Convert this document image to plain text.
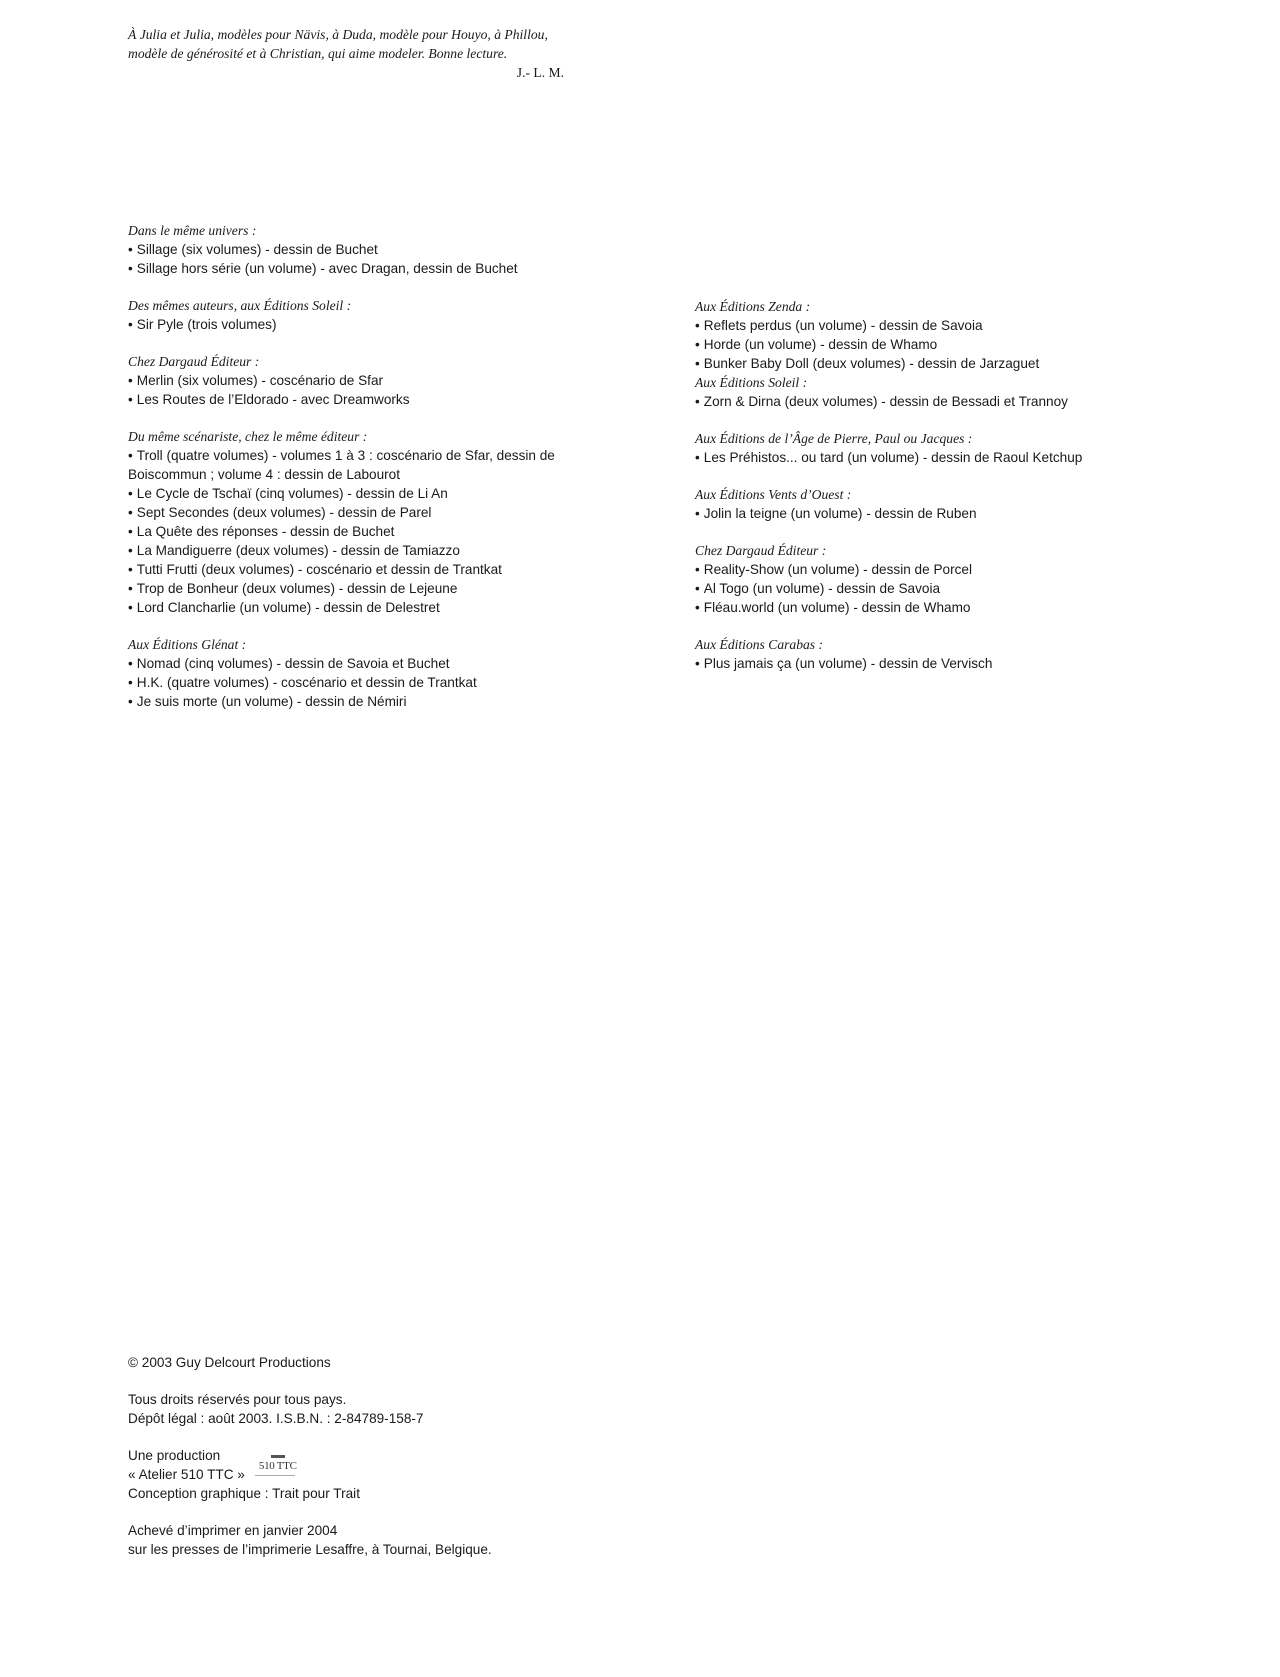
À Julia et Julia, modèles pour Nävis, à Duda, modèle pour Houyo, à Phillou,
modèle de générosité et à Christian, qui aime modeler. Bonne lecture.
J.- L. M.
Dans le même univers :
• Sillage (six volumes) - dessin de Buchet
• Sillage hors série (un volume) - avec Dragan, dessin de Buchet
Des mêmes auteurs, aux Éditions Soleil :
• Sir Pyle (trois volumes)
Chez Dargaud Éditeur :
• Merlin (six volumes) - coscénario de Sfar
• Les Routes de l’Eldorado - avec Dreamworks
Du même scénariste, chez le même éditeur :
• Troll (quatre volumes) - volumes 1 à 3 : coscénario de Sfar, dessin de
Boiscommun ; volume 4 : dessin de Labourot
• Le Cycle de Tschaï (cinq volumes) - dessin de Li An
• Sept Secondes (deux volumes) - dessin de Parel
• La Quête des réponses - dessin de Buchet
• La Mandiguerre (deux volumes) - dessin de Tamiazzo
• Tutti Frutti (deux volumes) - coscénario et dessin de Trantkat
• Trop de Bonheur (deux volumes) - dessin de Lejeune
• Lord Clancharlie (un volume) - dessin de Delestret
Aux Éditions Glénat :
• Nomad (cinq volumes) - dessin de Savoia et Buchet
• H.K. (quatre volumes) - coscénario et dessin de Trantkat
• Je suis morte (un volume) - dessin de Némiri
Aux Éditions Zenda :
• Reflets perdus (un volume) - dessin de Savoia
• Horde (un volume) - dessin de Whamo
• Bunker Baby Doll (deux volumes) - dessin de Jarzaguet
Aux Éditions Soleil :
• Zorn & Dirna (deux volumes) - dessin de Bessadi et Trannoy
Aux Éditions de l’Âge de Pierre, Paul ou Jacques :
• Les Préhistos... ou tard (un volume) - dessin de Raoul Ketchup
Aux Éditions Vents d’Ouest :
• Jolin la teigne (un volume) - dessin de Ruben
Chez Dargaud Éditeur :
• Reality-Show (un volume) - dessin de Porcel
• Al Togo (un volume) - dessin de Savoia
• Fléau.world (un volume) - dessin de Whamo
Aux Éditions Carabas :
• Plus jamais ça (un volume) - dessin de Vervisch
© 2003 Guy Delcourt Productions
Tous droits réservés pour tous pays.
Dépôt légal : août 2003. I.S.B.N. : 2-84789-158-7
Une production
« Atelier 510 TTC »
510 TTC
Conception graphique : Trait pour Trait
Achevé d’imprimer en janvier 2004
sur les presses de l’imprimerie Lesaffre, à Tournai, Belgique.
